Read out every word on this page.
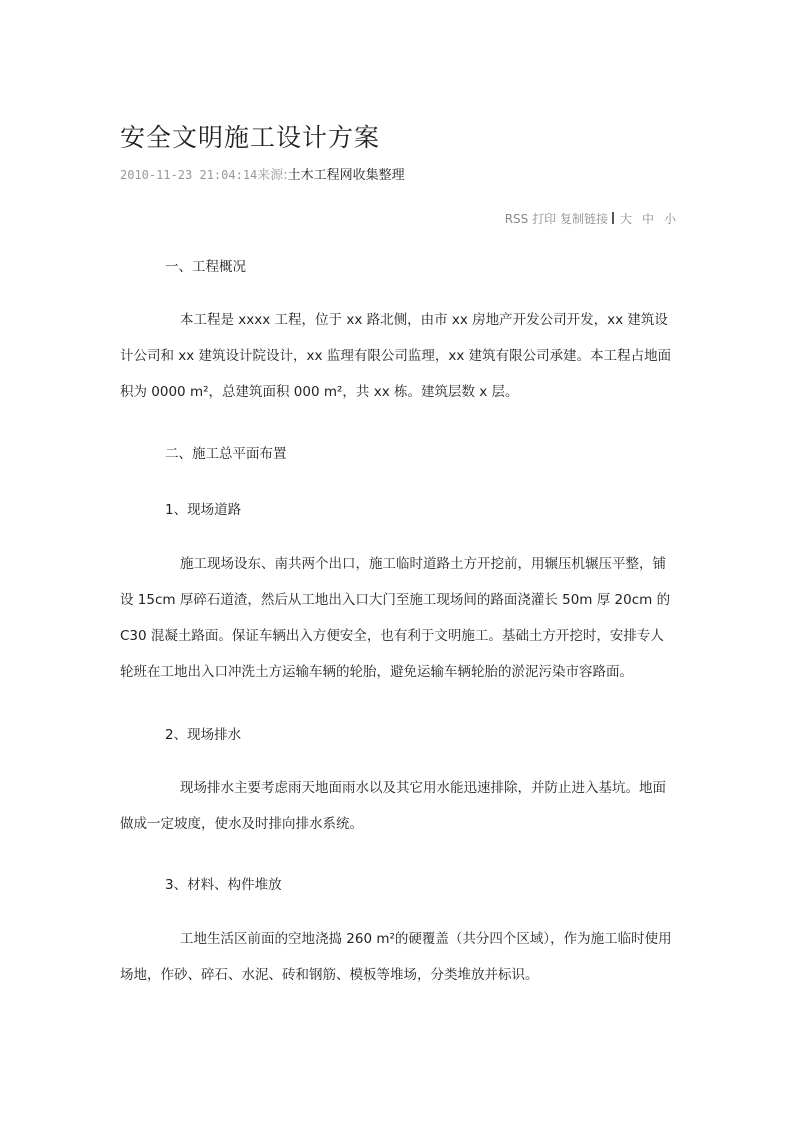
安全文明施工设计方案
2010-11-23 21:04:14来源:土木工程网收集整理
RSS 打印 复制链接 大 中 小
一、工程概况

本工程是 xxxx 工程，位于 xx 路北侧，由市 xx 房地产开发公司开发，xx 建筑设计公司和 xx 建筑设计院设计，xx 监理有限公司监理，xx 建筑有限公司承建。本工程占地面积为 0000 m²，总建筑面积 000 m²，共 xx 栋。建筑层数 x 层。

二、施工总平面布置
1、现场道路

施工现场设东、南共两个出口，施工临时道路土方开挖前，用辗压机辗压平整，铺设 15cm 厚碎石道渣，然后从工地出入口大门至施工现场间的路面浇灌长 50m 厚 20cm 的 C30 混凝土路面。保证车辆出入方便安全，也有利于文明施工。基础土方开挖时，安排专人轮班在工地出入口冲洗土方运输车辆的轮胎，避免运输车辆轮胎的淤泥污染市容路面。

2、现场排水

现场排水主要考虑雨天地面雨水以及其它用水能迅速排除，并防止进入基坑。地面做成一定坡度，使水及时排向排水系统。

3、材料、构件堆放

工地生活区前面的空地浇捣 260 m²的硬覆盖（共分四个区域），作为施工临时使用场地，作砂、碎石、水泥、砖和钢筋、模板等堆场，分类堆放并标识。
